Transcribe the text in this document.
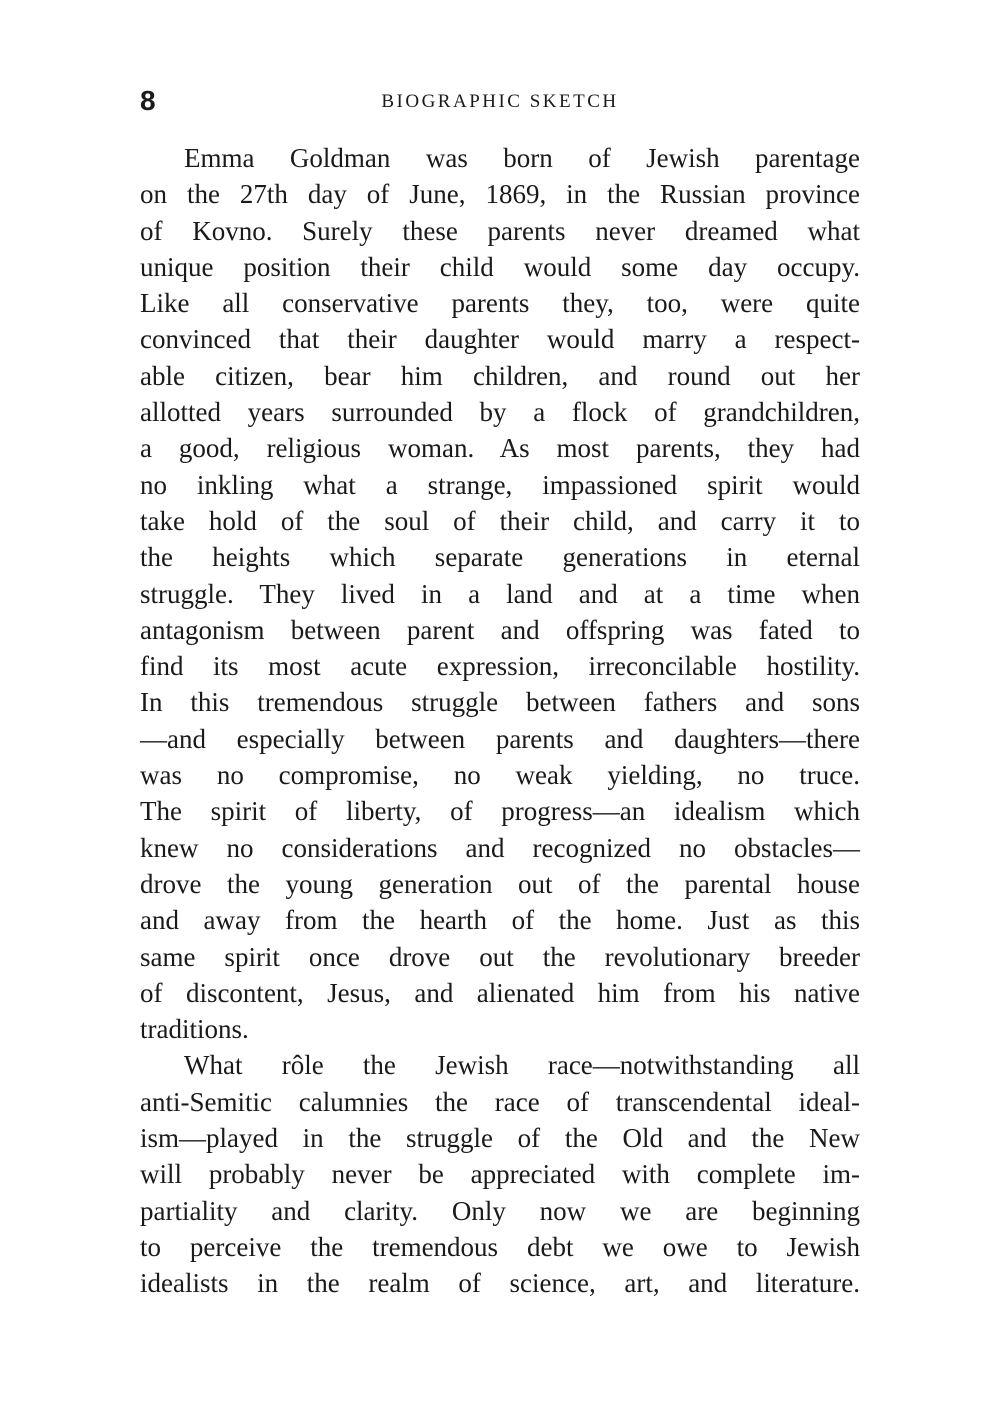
8	BIOGRAPHIC SKETCH
Emma Goldman was born of Jewish parentage
on the 27th day of June, 1869, in the Russian province
of Kovno. Surely these parents never dreamed what
unique position their child would some day occupy.
Like all conservative parents they, too, were quite
convinced that their daughter would marry a respect-
able citizen, bear him children, and round out her
allotted years surrounded by a flock of grandchildren,
a good, religious woman. As most parents, they had
no inkling what a strange, impassioned spirit would
take hold of the soul of their child, and carry it to
the heights which separate generations in eternal
struggle. They lived in a land and at a time when
antagonism between parent and offspring was fated to
find its most acute expression, irreconcilable hostility.
In this tremendous struggle between fathers and sons
—and especially between parents and daughters—there
was no compromise, no weak yielding, no truce.
The spirit of liberty, of progress—an idealism which
knew no considerations and recognized no obstacles—
drove the young generation out of the parental house
and away from the hearth of the home. Just as this
same spirit once drove out the revolutionary breeder
of discontent, Jesus, and alienated him from his native
traditions.
What rôle the Jewish race—notwithstanding all
anti-Semitic calumnies the race of transcendental ideal-
ism—played in the struggle of the Old and the New
will probably never be appreciated with complete im-
partiality and clarity. Only now we are beginning
to perceive the tremendous debt we owe to Jewish
idealists in the realm of science, art, and literature.
